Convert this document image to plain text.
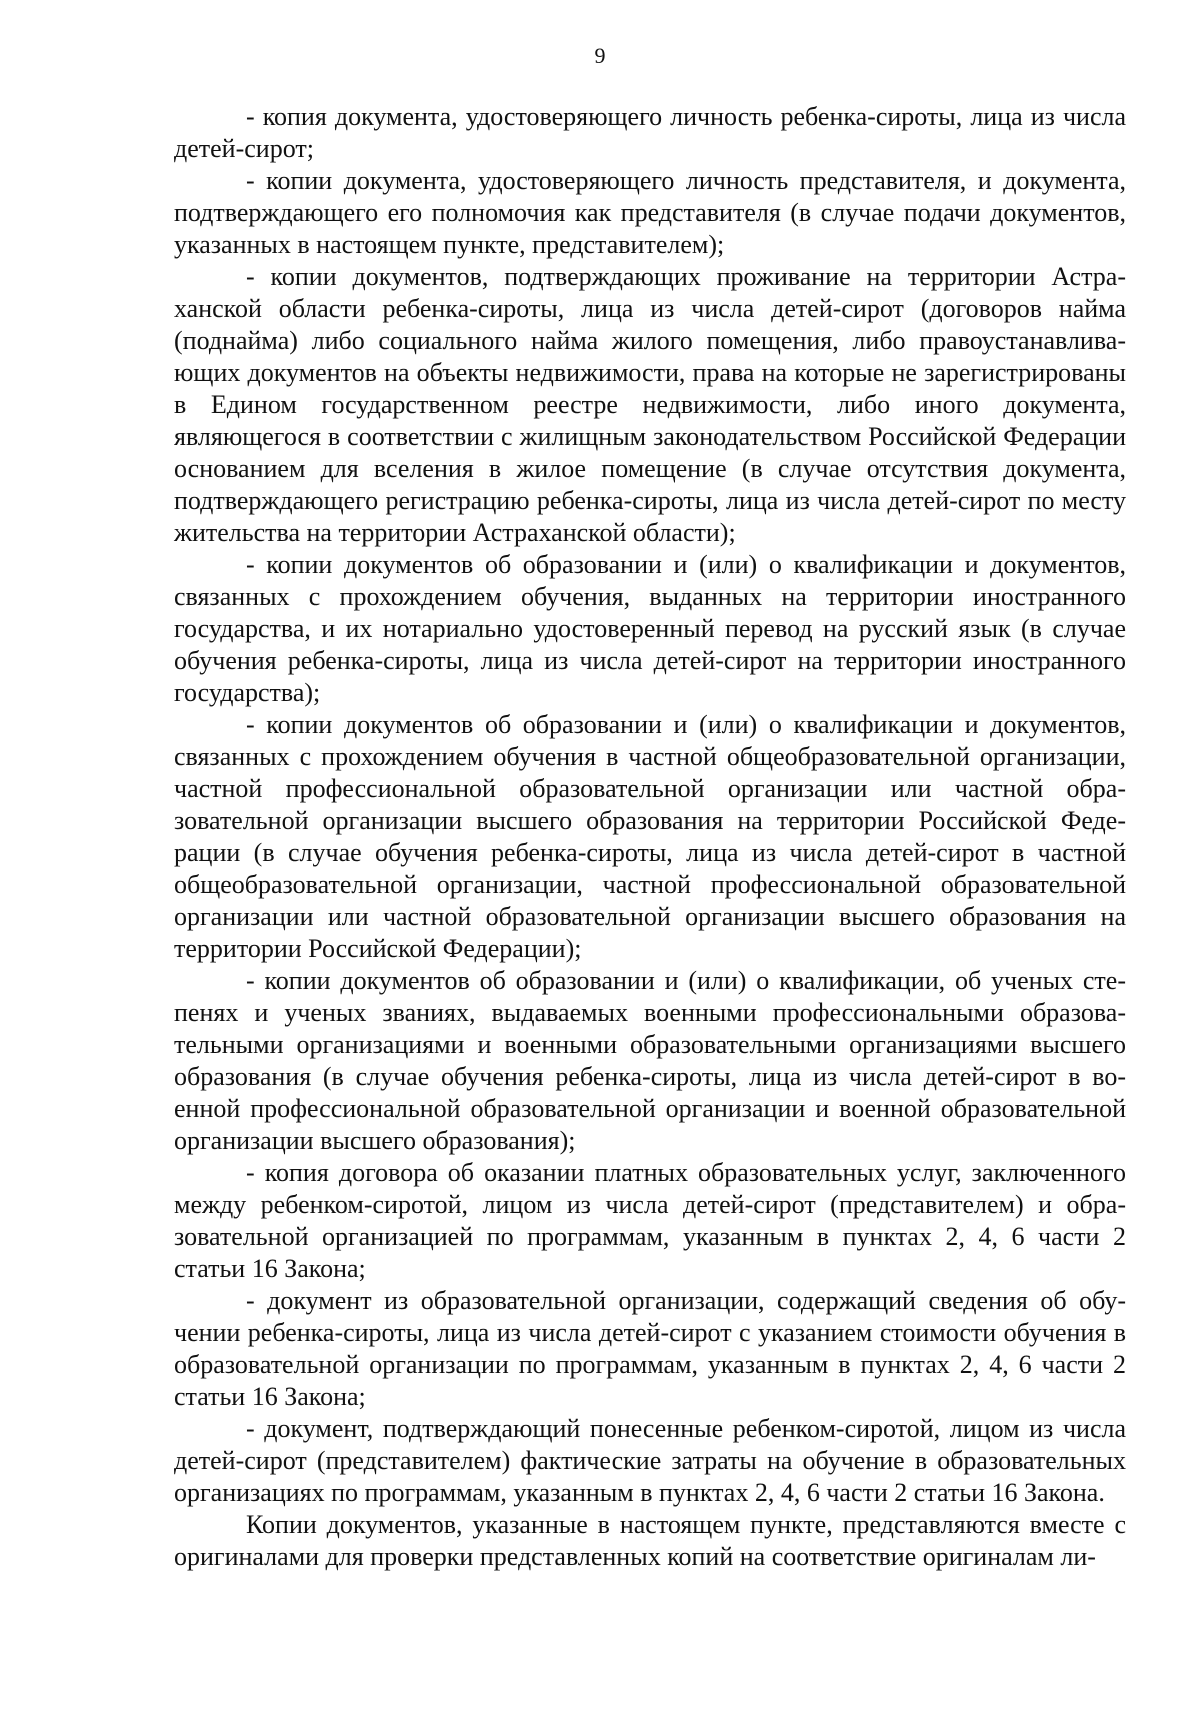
9

- копия документа, удостоверяющего личность ребенка-сироты, лица из числа детей-сирот;

- копии документа, удостоверяющего личность представителя, и документа, подтверждающего его полномочия как представителя (в случае подачи документов, указанных в настоящем пункте, представителем);

- копии документов, подтверждающих проживание на территории Астраханской области ребенка-сироты, лица из числа детей-сирот (договоров найма (поднайма) либо социального найма жилого помещения, либо правоустанавливающих документов на объекты недвижимости, права на которые не зарегистрированы в Едином государственном реестре недвижимости, либо иного документа, являющегося в соответствии с жилищным законодательством Российской Федерации основанием для вселения в жилое помещение (в случае отсутствия документа, подтверждающего регистрацию ребенка-сироты, лица из числа детей-сирот по месту жительства на территории Астраханской области);

- копии документов об образовании и (или) о квалификации и документов, связанных с прохождением обучения, выданных на территории иностранного государства, и их нотариально удостоверенный перевод на русский язык (в случае обучения ребенка-сироты, лица из числа детей-сирот на территории иностранного государства);

- копии документов об образовании и (или) о квалификации и документов, связанных с прохождением обучения в частной общеобразовательной организации, частной профессиональной образовательной организации или частной образовательной организации высшего образования на территории Российской Федерации (в случае обучения ребенка-сироты, лица из числа детей-сирот в частной общеобразовательной организации, частной профессиональной образовательной организации или частной образовательной организации высшего образования на территории Российской Федерации);

- копии документов об образовании и (или) о квалификации, об ученых степенях и ученых званиях, выдаваемых военными профессиональными образовательными организациями и военными образовательными организациями высшего образования (в случае обучения ребенка-сироты, лица из числа детей-сирот в военной профессиональной образовательной организации и военной образовательной организации высшего образования);

- копия договора об оказании платных образовательных услуг, заключенного между ребенком-сиротой, лицом из числа детей-сирот (представителем) и образовательной организацией по программам, указанным в пунктах 2, 4, 6 части 2 статьи 16 Закона;

- документ из образовательной организации, содержащий сведения об обучении ребенка-сироты, лица из числа детей-сирот с указанием стоимости обучения в образовательной организации по программам, указанным в пунктах 2, 4, 6 части 2 статьи 16 Закона;

- документ, подтверждающий понесенные ребенком-сиротой, лицом из числа детей-сирот (представителем) фактические затраты на обучение в образовательных организациях по программам, указанным в пунктах 2, 4, 6 части 2 статьи 16 Закона.

Копии документов, указанные в настоящем пункте, представляются вместе с оригиналами для проверки представленных копий на соответствие оригиналам ли-
